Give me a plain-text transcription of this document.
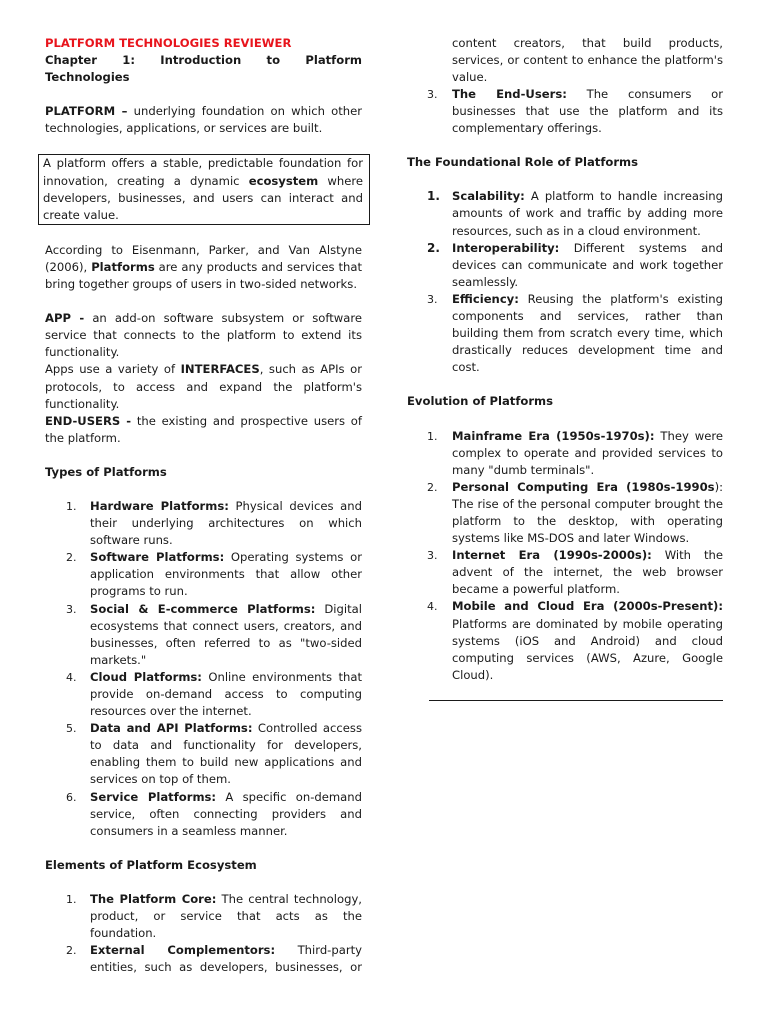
PLATFORM TECHNOLOGIES REVIEWER

Chapter 1: Introduction to Platform Technologies

PLATFORM – underlying foundation on which other technologies, applications, or services are built.

A platform offers a stable, predictable foundation for innovation, creating a dynamic ecosystem where developers, businesses, and users can interact and create value.

According to Eisenmann, Parker, and Van Alstyne (2006), Platforms are any products and services that bring together groups of users in two-sided networks.

APP - an add-on software subsystem or software service that connects to the platform to extend its functionality.

Apps use a variety of INTERFACES, such as APIs or protocols, to access and expand the platform's functionality.

END-USERS - the existing and prospective users of the platform.

Types of Platforms

1. Hardware Platforms: Physical devices and their underlying architectures on which software runs.
2. Software Platforms: Operating systems or application environments that allow other programs to run.
3. Social & E-commerce Platforms: Digital ecosystems that connect users, creators, and businesses, often referred to as "two-sided markets."
4. Cloud Platforms: Online environments that provide on-demand access to computing resources over the internet.
5. Data and API Platforms: Controlled access to data and functionality for developers, enabling them to build new applications and services on top of them.
6. Service Platforms: A specific on-demand service, often connecting providers and consumers in a seamless manner.

Elements of Platform Ecosystem

1. The Platform Core: The central technology, product, or service that acts as the foundation.
2. External Complementors: Third-party entities, such as developers, businesses, or
content creators, that build products, services, or content to enhance the platform's value.
3. The End-Users: The consumers or businesses that use the platform and its complementary offerings.

The Foundational Role of Platforms

1. Scalability: A platform to handle increasing amounts of work and traffic by adding more resources, such as in a cloud environment.
2. Interoperability: Different systems and devices can communicate and work together seamlessly.
3. Efficiency: Reusing the platform's existing components and services, rather than building them from scratch every time, which drastically reduces development time and cost.

Evolution of Platforms

1. Mainframe Era (1950s-1970s): They were complex to operate and provided services to many "dumb terminals".
2. Personal Computing Era (1980s-1990s): The rise of the personal computer brought the platform to the desktop, with operating systems like MS-DOS and later Windows.
3. Internet Era (1990s-2000s): With the advent of the internet, the web browser became a powerful platform.
4. Mobile and Cloud Era (2000s-Present): Platforms are dominated by mobile operating systems (iOS and Android) and cloud computing services (AWS, Azure, Google Cloud).
